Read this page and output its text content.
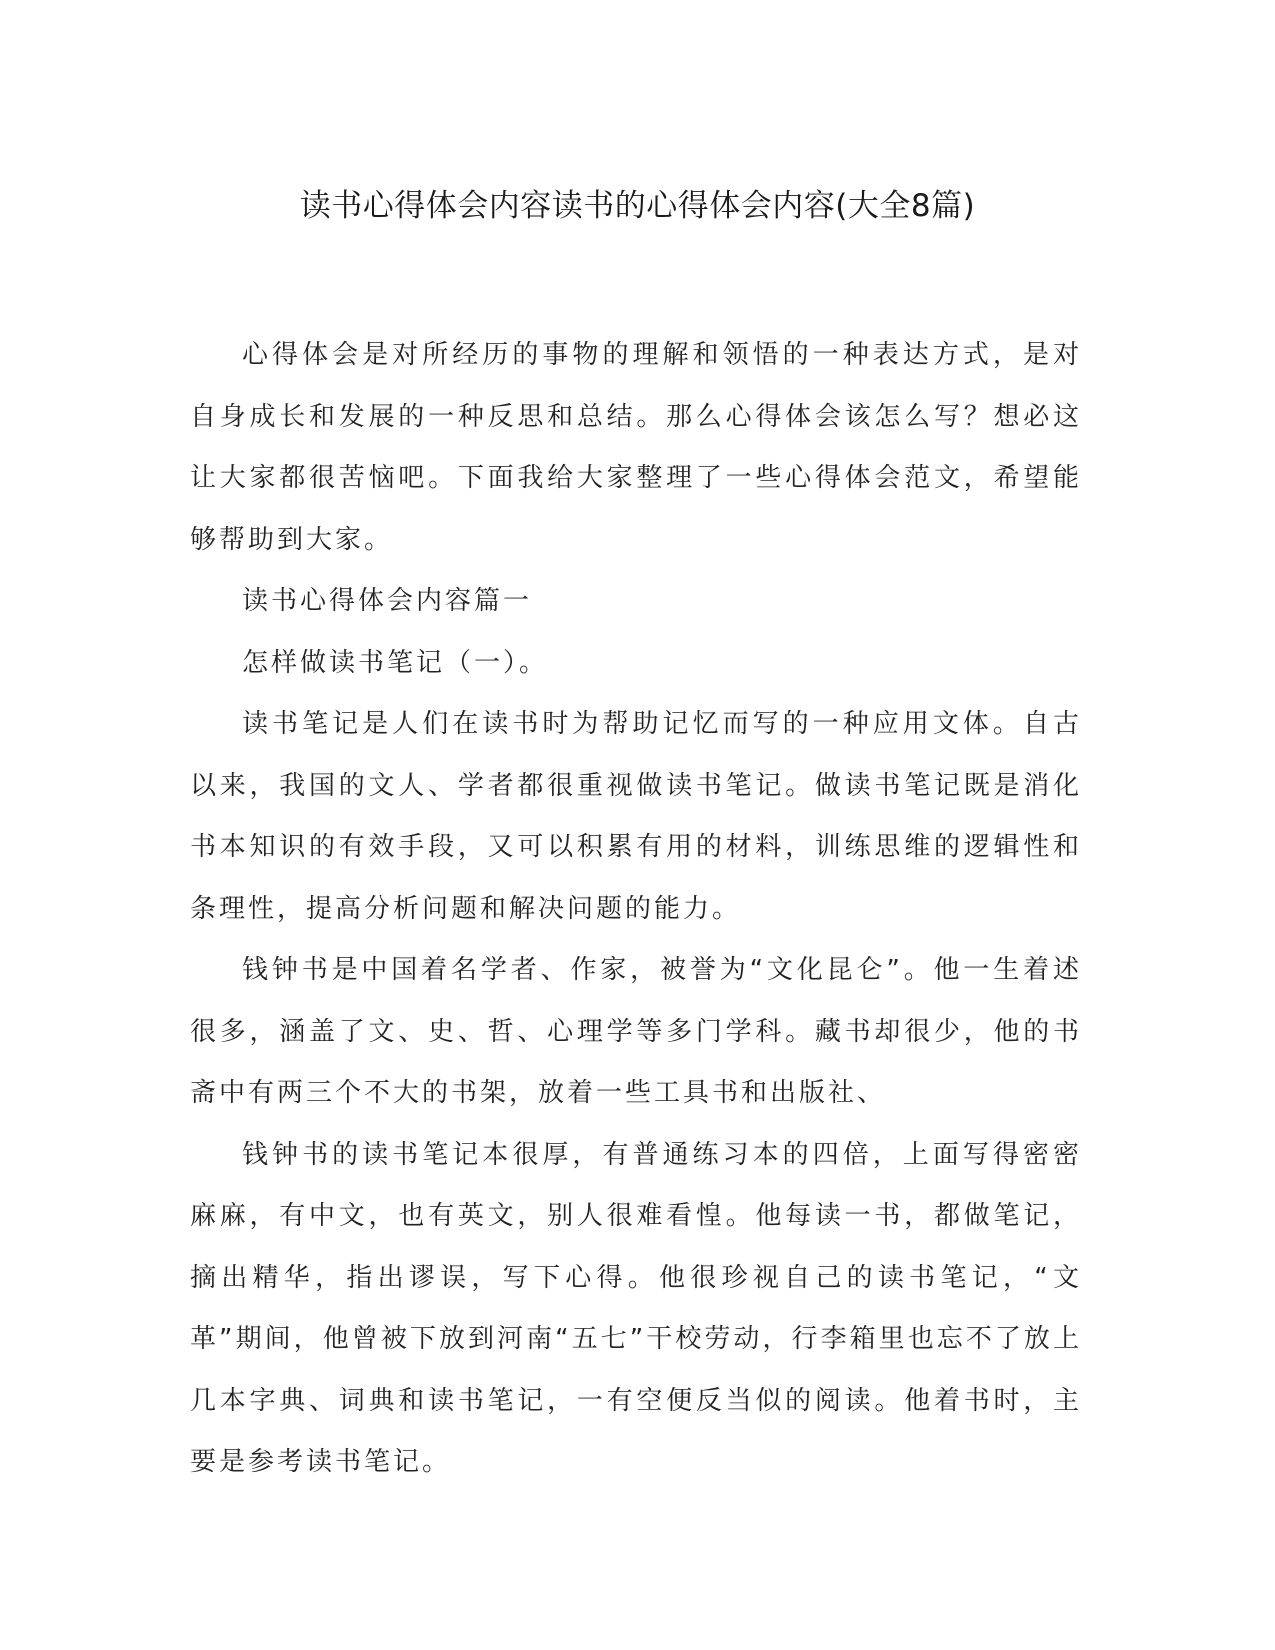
读书心得体会内容读书的心得体会内容(大全8篇)

心得体会是对所经历的事物的理解和领悟的一种表达方式，是对自身成长和发展的一种反思和总结。那么心得体会该怎么写？想必这让大家都很苦恼吧。下面我给大家整理了一些心得体会范文，希望能够帮助到大家。

读书心得体会内容篇一

怎样做读书笔记（一）。

读书笔记是人们在读书时为帮助记忆而写的一种应用文体。自古以来，我国的文人、学者都很重视做读书笔记。做读书笔记既是消化书本知识的有效手段，又可以积累有用的材料，训练思维的逻辑性和条理性，提高分析问题和解决问题的能力。

钱钟书是中国着名学者、作家，被誉为“文化昆仑”。他一生着述很多，涵盖了文、史、哲、心理学等多门学科。藏书却很少，他的书斋中有两三个不大的书架，放着一些工具书和出版社、

钱钟书的读书笔记本很厚，有普通练习本的四倍，上面写得密密麻麻，有中文，也有英文，别人很难看惶。他每读一书，都做笔记，摘出精华，指出谬误，写下心得。他很珍视自己的读书笔记，“文革”期间，他曾被下放到河南“五七”干校劳动，行李箱里也忘不了放上几本字典、词典和读书笔记，一有空便反当似的阅读。他着书时，主要是参考读书笔记。
